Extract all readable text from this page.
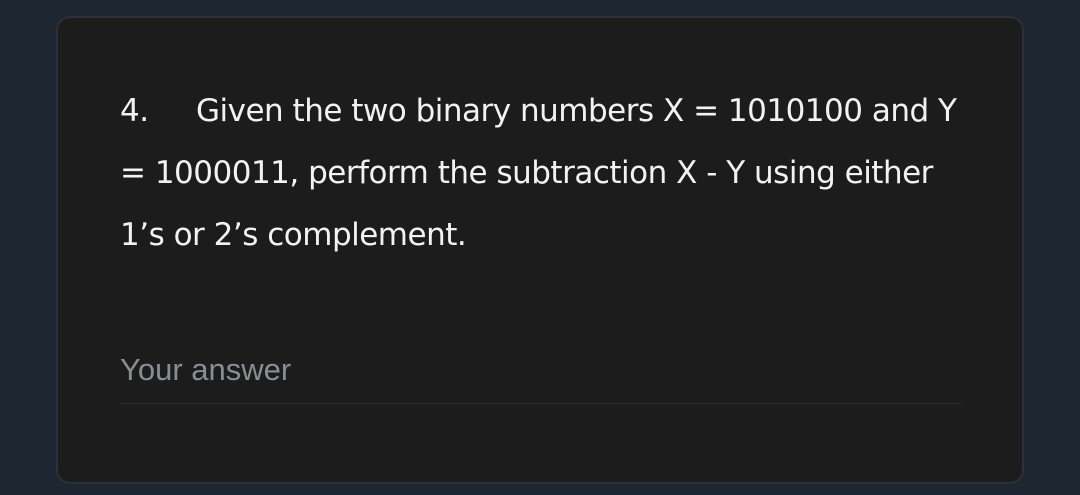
4. Given the two binary numbers X = 1010100 and Y = 1000011, perform the subtraction X - Y using either 1’s or 2’s complement.
Your answer
